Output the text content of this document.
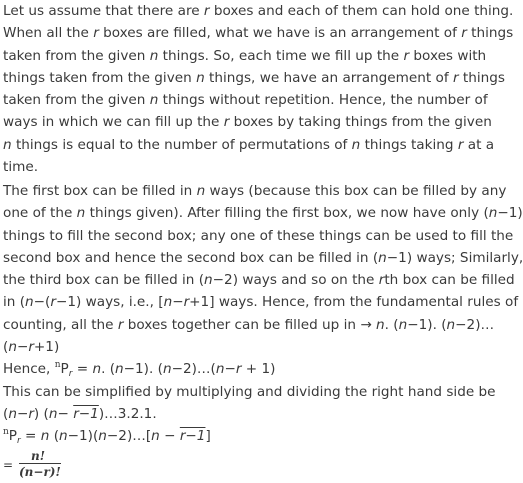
Let us assume that there are r boxes and each of them can hold one thing.
When all the r boxes are filled, what we have is an arrangement of r things
taken from the given n things. So, each time we fill up the r boxes with
things taken from the given n things, we have an arrangement of r things
taken from the given n things without repetition. Hence, the number of
ways in which we can fill up the r boxes by taking things from the given
n things is equal to the number of permutations of n things taking r at a
time.
The first box can be filled in n ways (because this box can be filled by any
one of the n things given). After filling the first box, we now have only (n−1)
things to fill the second box; any one of these things can be used to fill the
second box and hence the second box can be filled in (n−1) ways; Similarly,
the third box can be filled in (n−2) ways and so on the rth box can be filled
in (n−(r−1) ways, i.e., [n−r+1] ways. Hence, from the fundamental rules of
counting, all the r boxes together can be filled up in → n. (n−1). (n−2)…
(n−r+1)
Hence, $^nP_r = n$. (n−1). (n−2)…(n−r + 1)
This can be simplified by multiplying and dividing the right hand side be
(n−r) (n− r−1)…3.2.1.
$^nP_r = n$ (n−1)(n−2)…[n − r−1]
=
n!
(n−r)!
